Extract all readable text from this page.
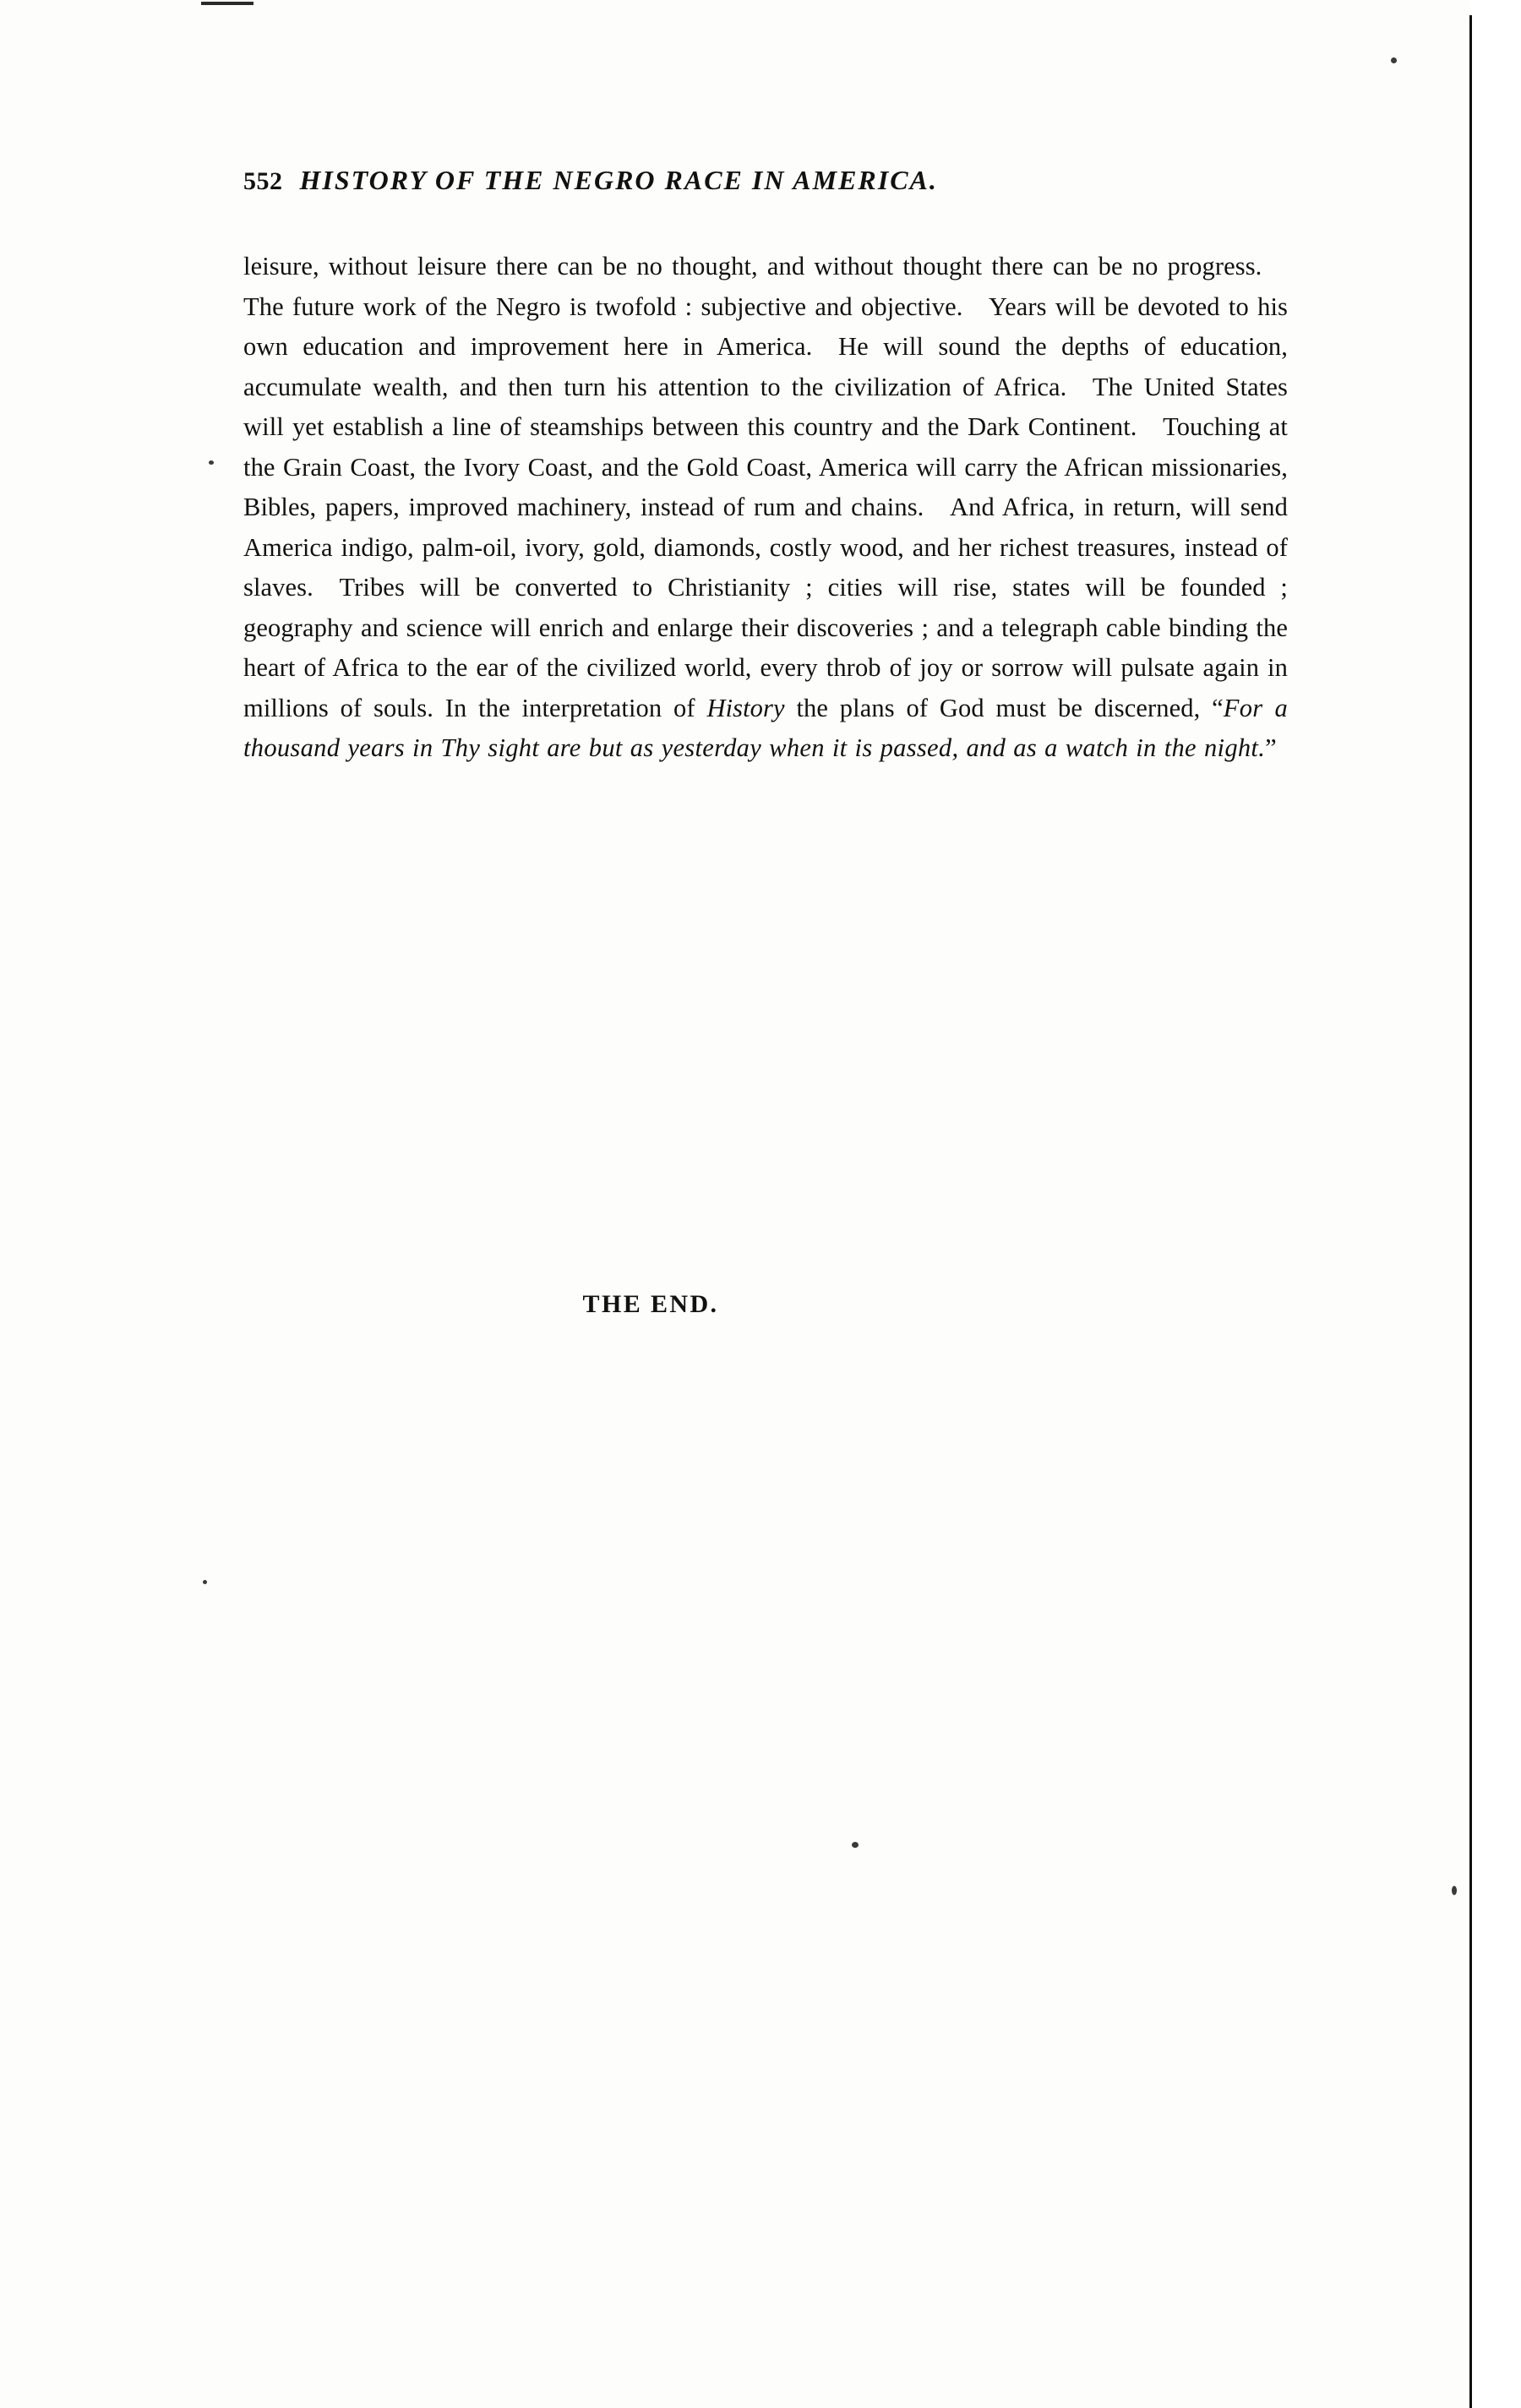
552 HISTORY OF THE NEGRO RACE IN AMERICA.

leisure, without leisure there can be no thought, and without thought there can be no progress. The future work of the Negro is twofold : subjective and objective. Years will be devoted to his own education and improvement here in America. He will sound the depths of education, accumulate wealth, and then turn his attention to the civilization of Africa. The United States will yet establish a line of steamships between this country and the Dark Continent. Touching at the Grain Coast, the Ivory Coast, and the Gold Coast, America will carry the African missionaries, Bibles, papers, improved machinery, instead of rum and chains. And Africa, in return, will send America indigo, palm-oil, ivory, gold, diamonds, costly wood, and her richest treasures, instead of slaves. Tribes will be converted to Christianity ; cities will rise, states will be founded ; geography and science will enrich and enlarge their discoveries ; and a telegraph cable binding the heart of Africa to the ear of the civilized world, every throb of joy or sorrow will pulsate again in millions of souls. In the interpretation of History the plans of God must be discerned, “For a thousand years in Thy sight are but as yesterday when it is passed, and as a watch in the night.”

THE END.
